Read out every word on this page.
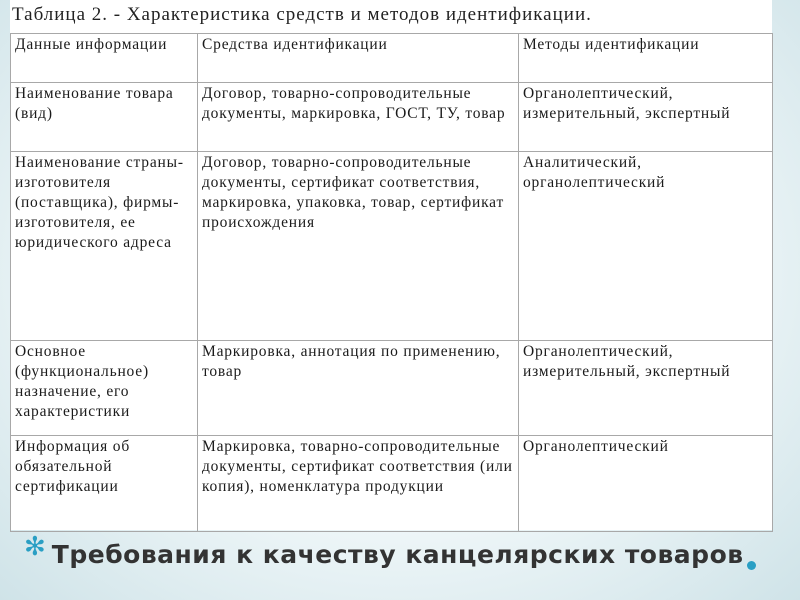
Таблица 2. - Характеристика средств и методов идентификации.
Данные информации	Средства идентификации	Методы идентификации
Наименование товара (вид)	Договор, товарно-сопроводительные документы, маркировка, ГОСТ, ТУ, товар	Органолептический, измерительный, экспертный
Наименование страны-изготовителя (поставщика), фирмы-изготовителя, ее юридического адреса	Договор, товарно-сопроводительные документы, сертификат соответствия, маркировка, упаковка, товар, сертификат происхождения	Аналитический, органолептический
Основное (функциональное) назначение, его характеристики	Маркировка, аннотация по применению, товар	Органолептический, измерительный, экспертный
Информация об обязательной сертификации	Маркировка, товарно-сопроводительные документы, сертификат соответствия (или копия), номенклатура продукции	Органолептический
✻ Требования к качеству канцелярских товаров
